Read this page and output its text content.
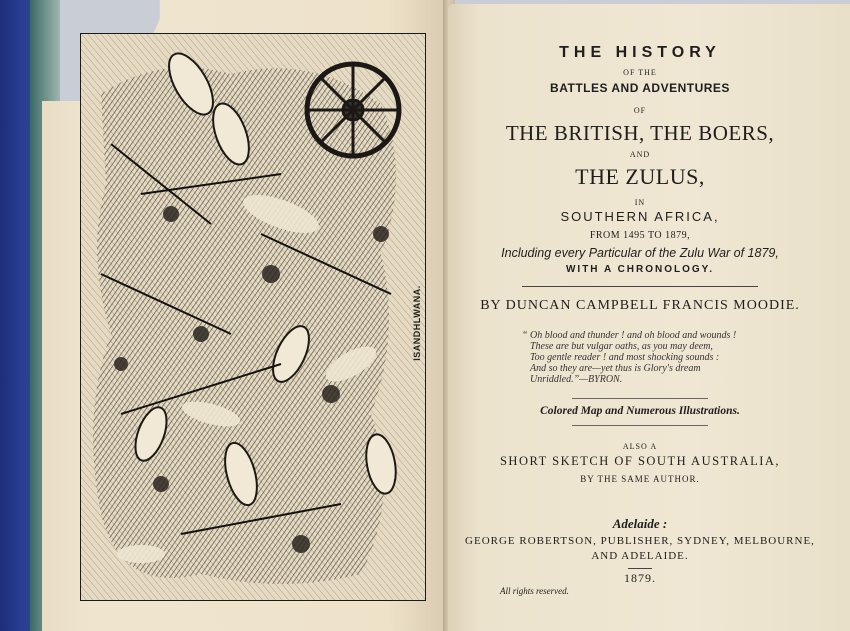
ISANDHLWANA.
THE HISTORY
OF THE
BATTLES AND ADVENTURES
OF
THE BRITISH, THE BOERS,
AND
THE ZULUS,
IN
SOUTHERN AFRICA,
FROM 1495 TO 1879,
Including every Particular of the Zulu War of 1879,
WITH A CHRONOLOGY.
BY DUNCAN CAMPBELL FRANCIS MOODIE.
“ Oh blood and thunder ! and oh blood and wounds !
These are but vulgar oaths, as you may deem,
Too gentle reader ! and most shocking sounds :
And so they are—yet thus is Glory's dream
Unriddled.”—BYRON.
Colored Map and Numerous Illustrations.
ALSO A
SHORT SKETCH OF SOUTH AUSTRALIA,
BY THE SAME AUTHOR.
Adelaide :
GEORGE ROBERTSON, PUBLISHER, SYDNEY, MELBOURNE,
AND ADELAIDE.
1879.
All rights reserved.
